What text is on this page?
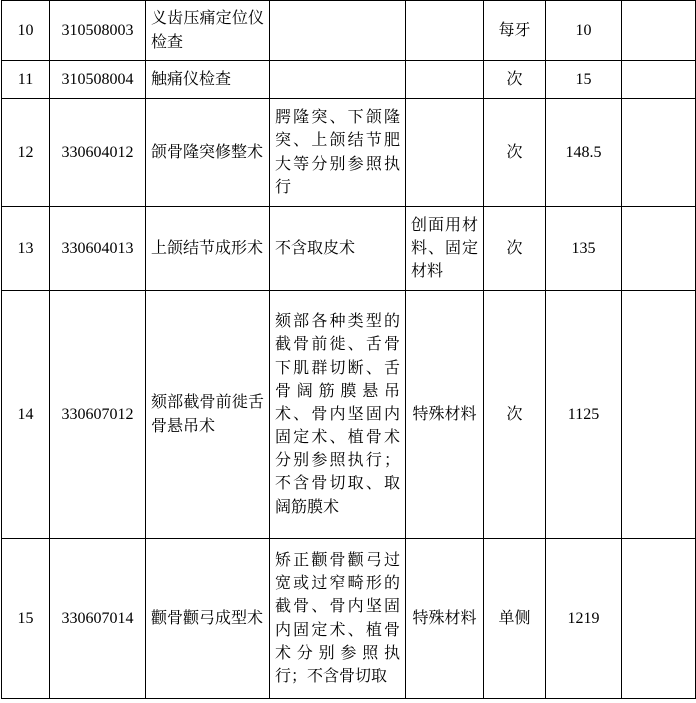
10	310508003	义齿压痛定位仪检查			每牙	10	
11	310508004	触痛仪检查			次	15	
12	330604012	颌骨隆突修整术	腭隆突、下颌隆突、上颌结节肥大等分别参照执行		次	148.5	
13	330604013	上颌结节成形术	不含取皮术	创面用材料、固定材料	次	135	
14	330607012	颏部截骨前徙舌骨悬吊术	颏部各种类型的截骨前徙、舌骨下肌群切断、舌骨阔筋膜悬吊术、骨内坚固内固定术、植骨术分别参照执行；不含骨切取、取阔筋膜术	特殊材料	次	1125	
15	330607014	颧骨颧弓成型术	矫正颧骨颧弓过宽或过窄畸形的截骨、骨内坚固内固定术、植骨术分别参照执行；不含骨切取	特殊材料	单侧	1219	
